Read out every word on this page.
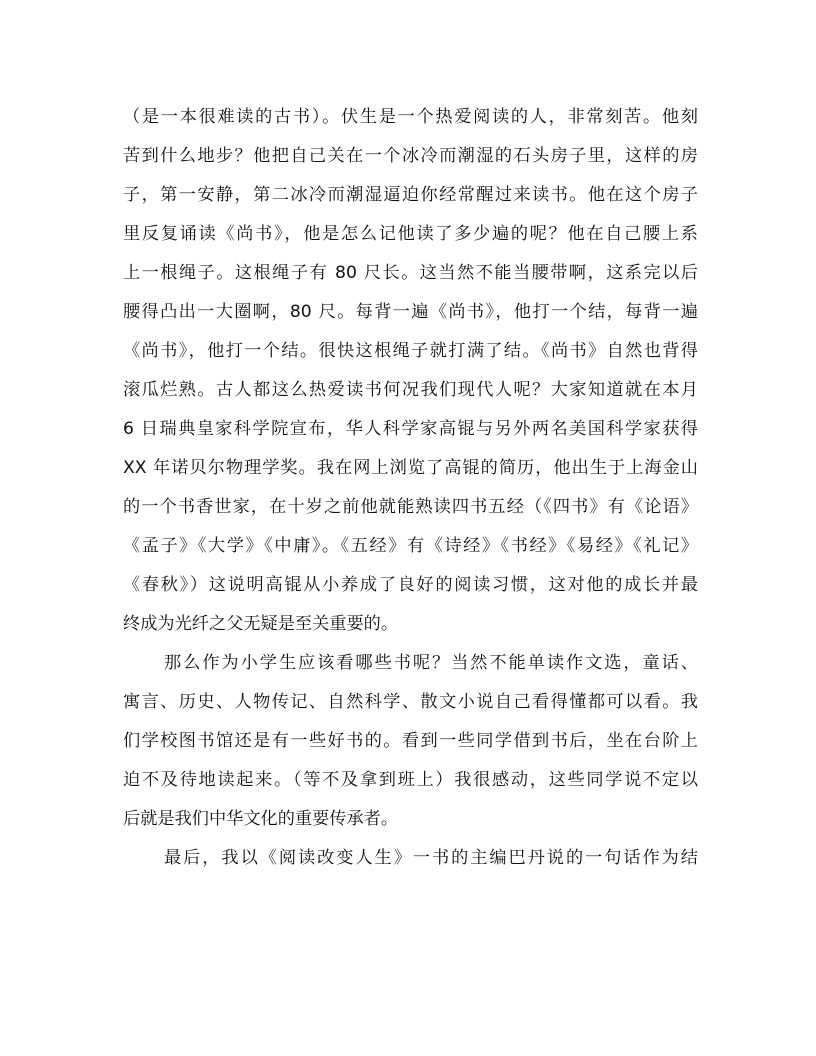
（是一本很难读的古书）。伏生是一个热爱阅读的人，非常刻苦。他刻
苦到什么地步？他把自己关在一个冰冷而潮湿的石头房子里，这样的房
子，第一安静，第二冰冷而潮湿逼迫你经常醒过来读书。他在这个房子
里反复诵读《尚书》，他是怎么记他读了多少遍的呢？他在自己腰上系
上一根绳子。这根绳子有 80 尺长。这当然不能当腰带啊，这系完以后
腰得凸出一大圈啊，80 尺。每背一遍《尚书》，他打一个结，每背一遍
《尚书》，他打一个结。很快这根绳子就打满了结。《尚书》自然也背得
滚瓜烂熟。古人都这么热爱读书何况我们现代人呢？大家知道就在本月
6 日瑞典皇家科学院宣布，华人科学家高锟与另外两名美国科学家获得
XX 年诺贝尔物理学奖。我在网上浏览了高锟的简历，他出生于上海金山
的一个书香世家，在十岁之前他就能熟读四书五经（《四书》有《论语》
《孟子》《大学》《中庸》。《五经》有《诗经》《书经》《易经》《礼记》
《春秋》）这说明高锟从小养成了良好的阅读习惯，这对他的成长并最
终成为光纤之父无疑是至关重要的。
那么作为小学生应该看哪些书呢？当然不能单读作文选，童话、
寓言、历史、人物传记、自然科学、散文小说自己看得懂都可以看。我
们学校图书馆还是有一些好书的。看到一些同学借到书后，坐在台阶上
迫不及待地读起来。（等不及拿到班上）我很感动，这些同学说不定以
后就是我们中华文化的重要传承者。
最后，我以《阅读改变人生》一书的主编巴丹说的一句话作为结
